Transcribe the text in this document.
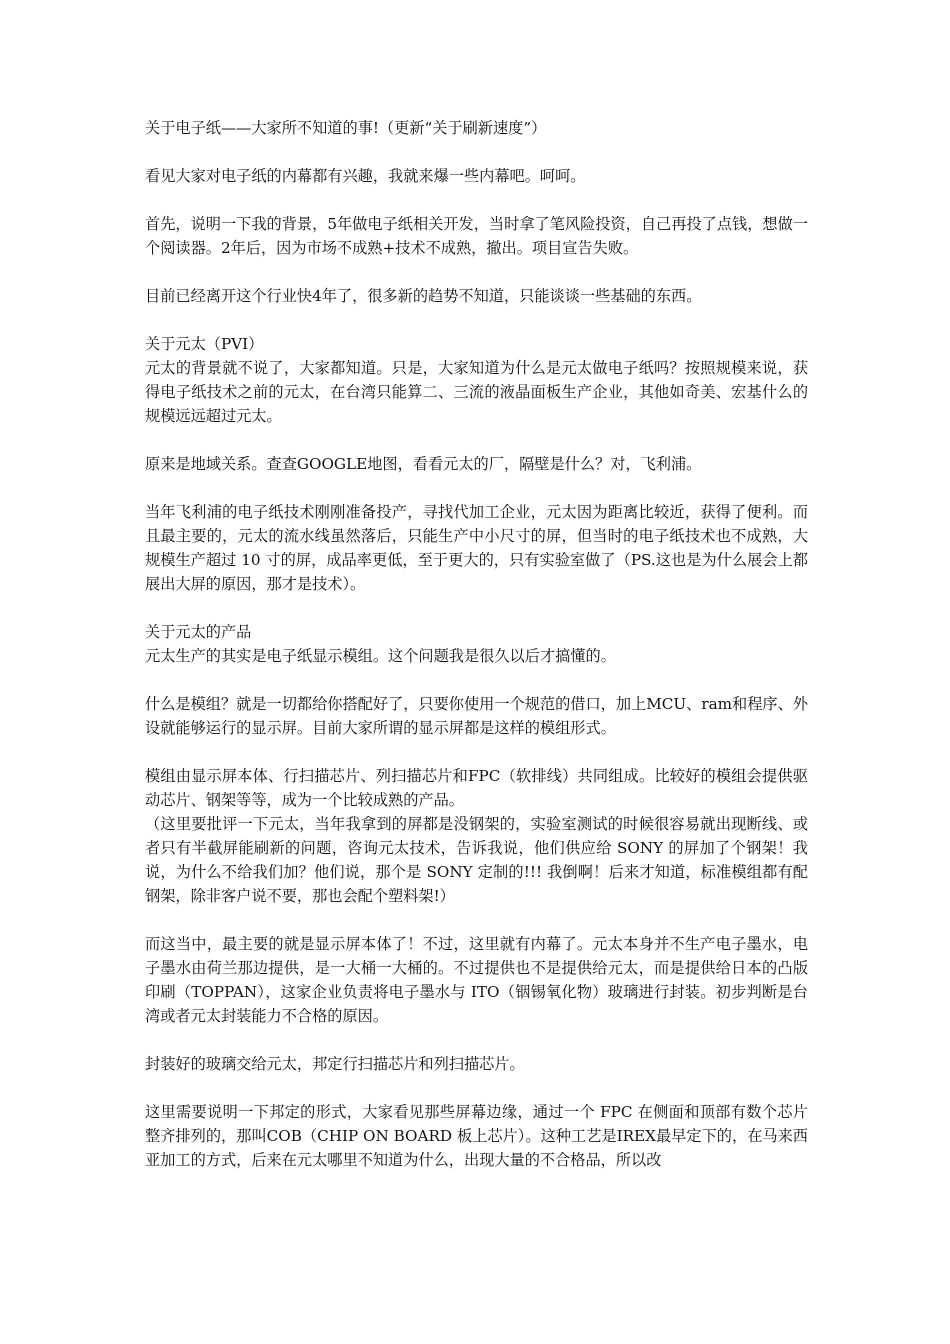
关于电子纸——大家所不知道的事!（更新“关于刷新速度”）

看见大家对电子纸的内幕都有兴趣，我就来爆一些内幕吧。呵呵。

首先，说明一下我的背景，5年做电子纸相关开发，当时拿了笔风险投资，自己再投了点钱，想做一个阅读器。2年后，因为市场不成熟+技术不成熟，撤出。项目宣告失败。

目前已经离开这个行业快4年了，很多新的趋势不知道，只能谈谈一些基础的东西。

关于元太（PVI）

元太的背景就不说了，大家都知道。只是，大家知道为什么是元太做电子纸吗？按照规模来说，获得电子纸技术之前的元太，在台湾只能算二、三流的液晶面板生产企业，其他如奇美、宏基什么的规模远远超过元太。

原来是地域关系。查查GOOGLE地图，看看元太的厂，隔壁是什么？对，飞利浦。

当年飞利浦的电子纸技术刚刚准备投产，寻找代加工企业，元太因为距离比较近，获得了便利。而且最主要的，元太的流水线虽然落后，只能生产中小尺寸的屏，但当时的电子纸技术也不成熟，大规模生产超过 10 寸的屏，成品率更低，至于更大的，只有实验室做了（PS.这也是为什么展会上都展出大屏的原因，那才是技术）。

关于元太的产品

元太生产的其实是电子纸显示模组。这个问题我是很久以后才搞懂的。

什么是模组？就是一切都给你搭配好了，只要你使用一个规范的借口，加上MCU、ram和程序、外设就能够运行的显示屏。目前大家所谓的显示屏都是这样的模组形式。

模组由显示屏本体、行扫描芯片、列扫描芯片和FPC（软排线）共同组成。比较好的模组会提供驱动芯片、钢架等等，成为一个比较成熟的产品。

（这里要批评一下元太，当年我拿到的屏都是没钢架的，实验室测试的时候很容易就出现断线、或者只有半截屏能刷新的问题，咨询元太技术，告诉我说，他们供应给 SONY 的屏加了个钢架！我说，为什么不给我们加？他们说，那个是 SONY 定制的!!! 我倒啊！后来才知道，标准模组都有配钢架，除非客户说不要，那也会配个塑料架!）

而这当中，最主要的就是显示屏本体了！不过，这里就有内幕了。元太本身并不生产电子墨水，电子墨水由荷兰那边提供，是一大桶一大桶的。不过提供也不是提供给元太，而是提供给日本的凸版印刷（TOPPAN），这家企业负责将电子墨水与 ITO（铟锡氧化物）玻璃进行封装。初步判断是台湾或者元太封装能力不合格的原因。

封装好的玻璃交给元太，邦定行扫描芯片和列扫描芯片。

这里需要说明一下邦定的形式，大家看见那些屏幕边缘，通过一个 FPC 在侧面和顶部有数个芯片整齐排列的，那叫COB（CHIP ON BOARD 板上芯片）。这种工艺是IREX最早定下的，在马来西亚加工的方式，后来在元太哪里不知道为什么，出现大量的不合格品，所以改
